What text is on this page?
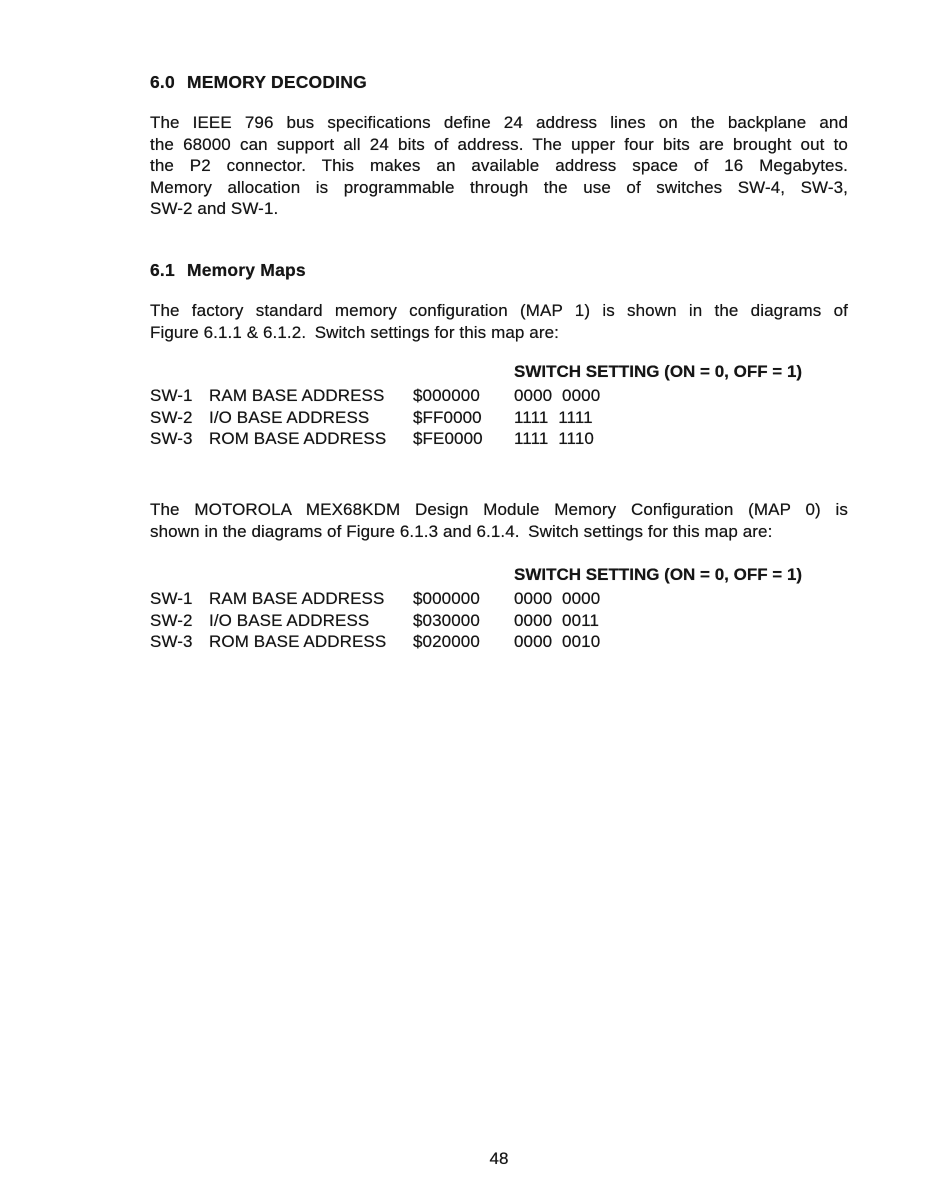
6.0 MEMORY DECODING
The IEEE 796 bus specifications define 24 address lines on the backplane and
the 68000 can support all 24 bits of address. The upper four bits are brought out to
the P2 connector. This makes an available address space of 16 Megabytes.
Memory allocation is programmable through the use of switches SW-4, SW-3,
SW-2 and SW-1.
6.1 Memory Maps
The factory standard memory configuration (MAP 1) is shown in the diagrams of
Figure 6.1.1 & 6.1.2. Switch settings for this map are:
SWITCH SETTING (ON = 0, OFF = 1)
SW-1 RAM BASE ADDRESS	$000000	0000 0000
SW-2 I/O BASE ADDRESS	$FF0000	1111 1111
SW-3 ROM BASE ADDRESS	$FE0000	1111 1110
The MOTOROLA MEX68KDM Design Module Memory Configuration (MAP 0) is
shown in the diagrams of Figure 6.1.3 and 6.1.4. Switch settings for this map are:
SWITCH SETTING (ON = 0, OFF = 1)
SW-1 RAM BASE ADDRESS	$000000	0000 0000
SW-2 I/O BASE ADDRESS	$030000	0000 0011
SW-3 ROM BASE ADDRESS	$020000	0000 0010
48
